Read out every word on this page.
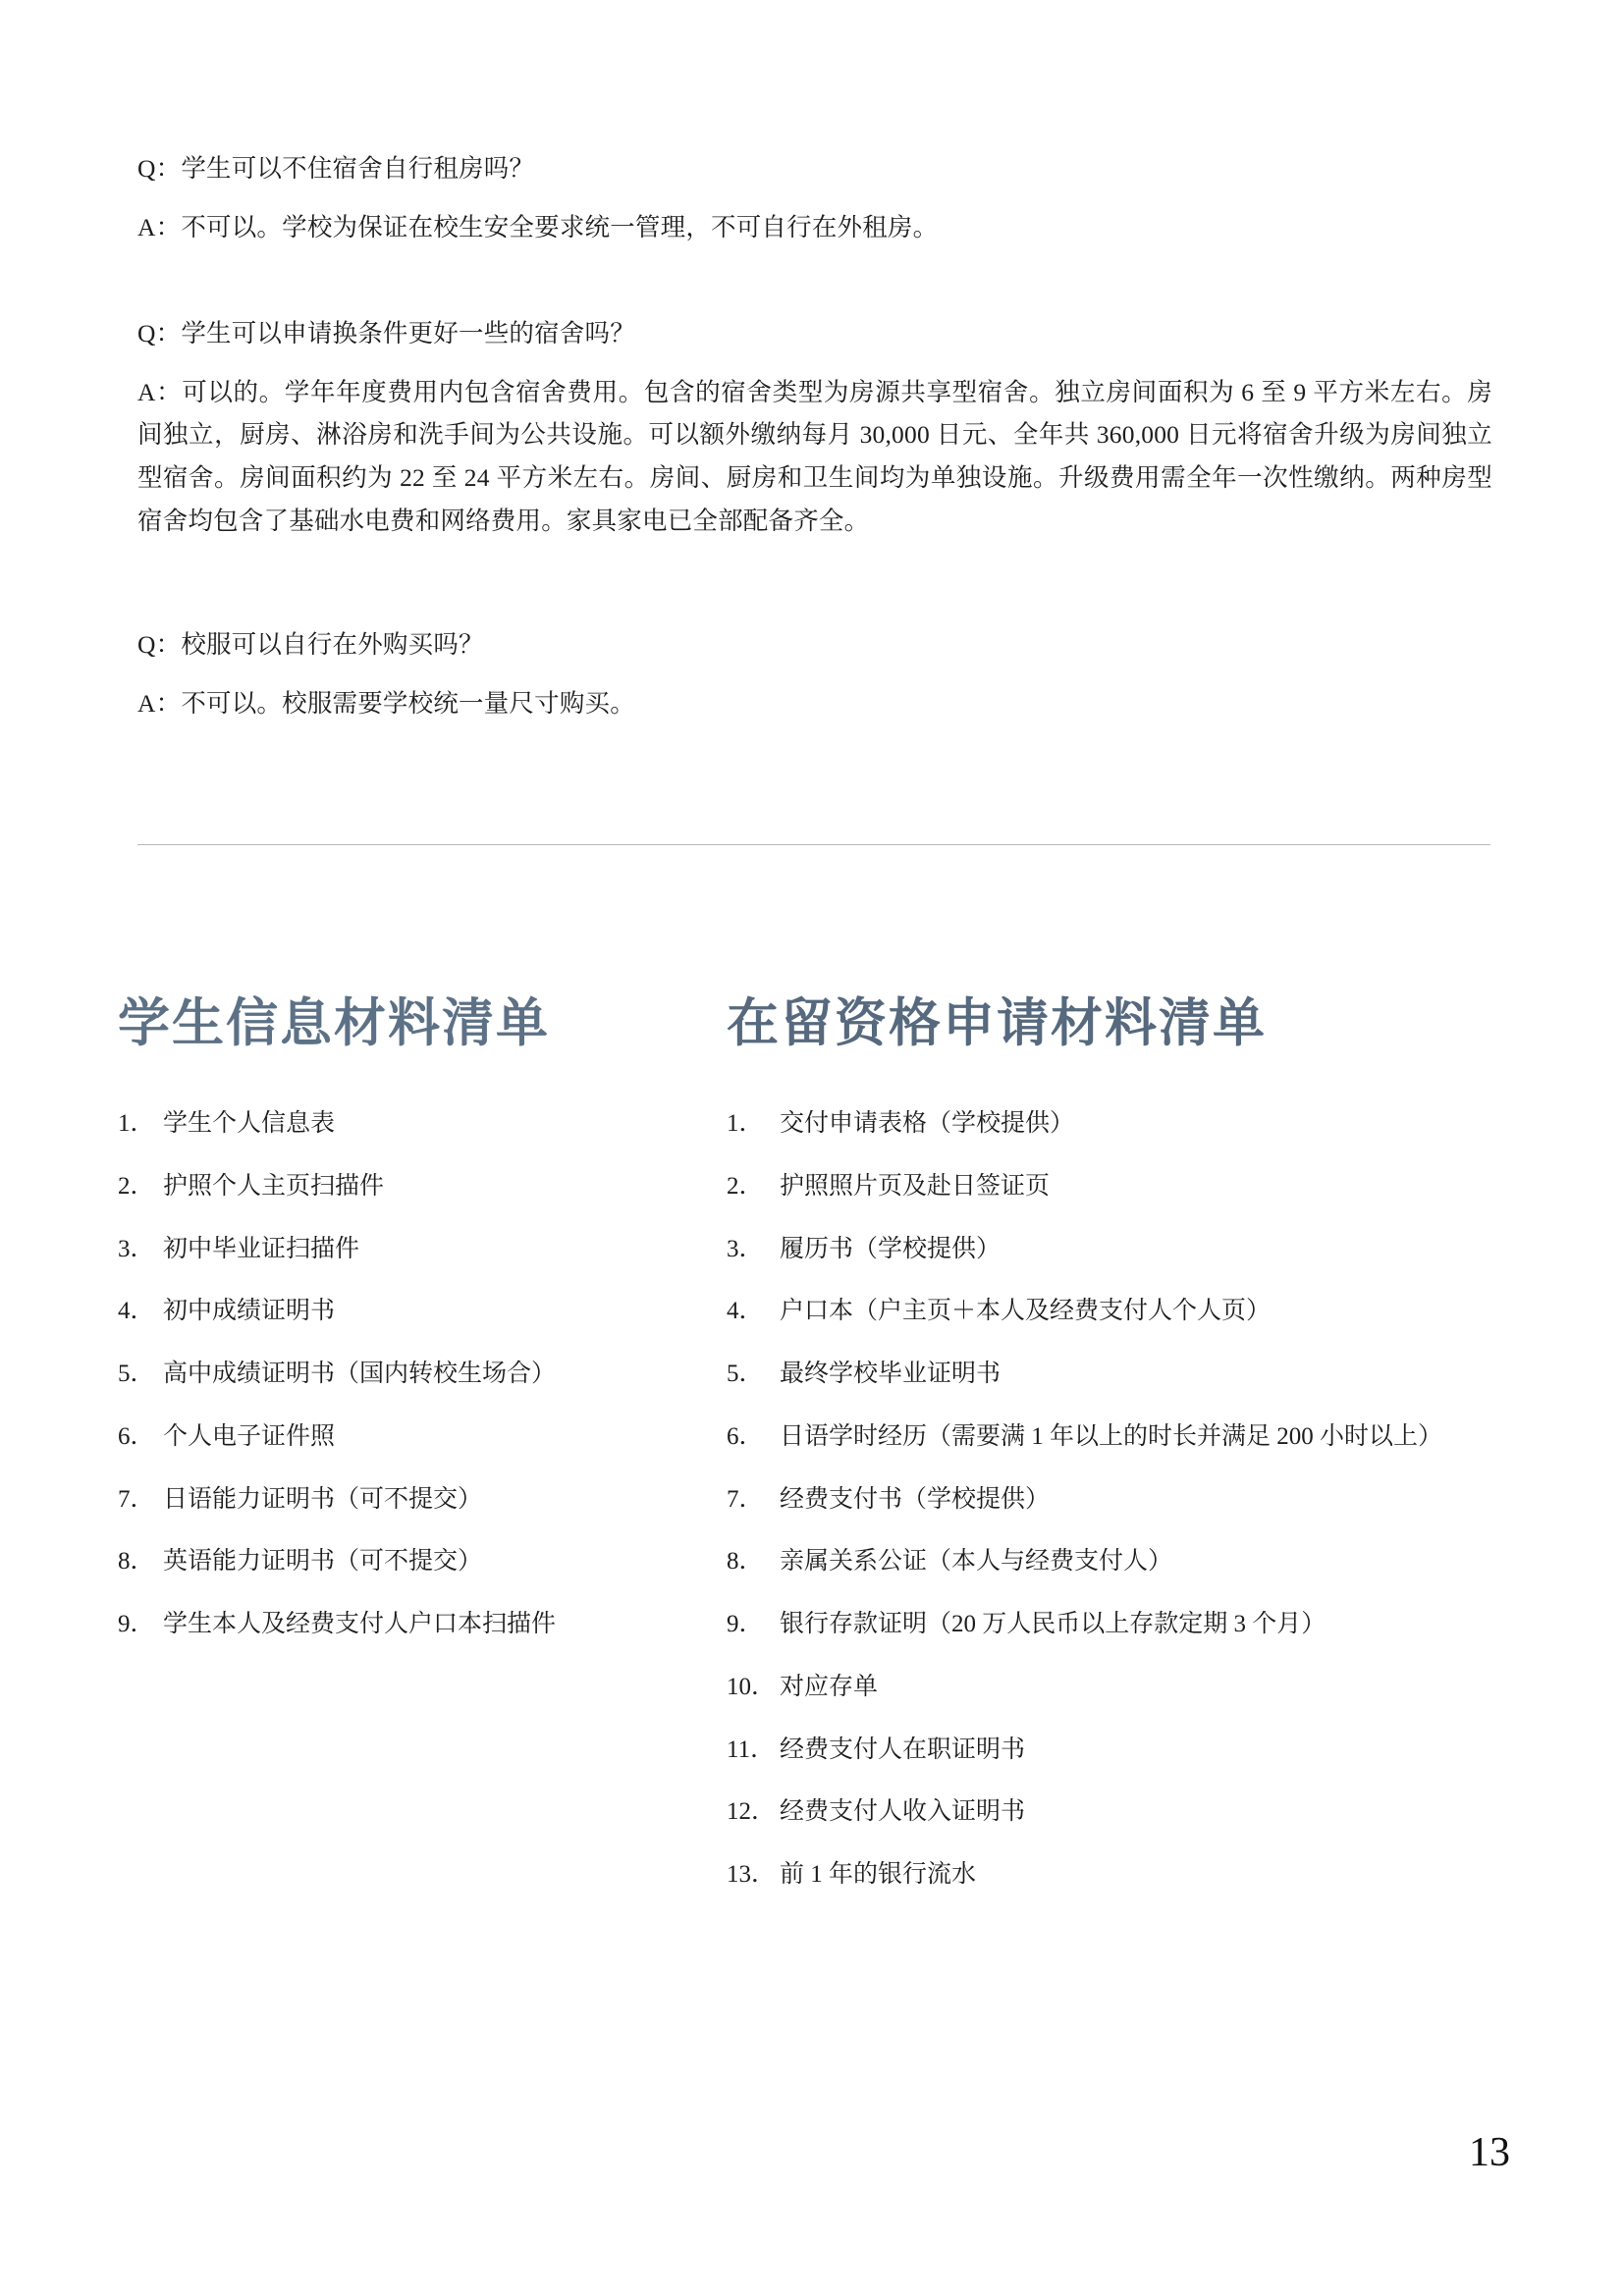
Q：学生可以不住宿舍自行租房吗？

A：不可以。学校为保证在校生安全要求统一管理，不可自行在外租房。

Q：学生可以申请换条件更好一些的宿舍吗？

A：可以的。学年年度费用内包含宿舍费用。包含的宿舍类型为房源共享型宿舍。独立房间面积为 6 至 9 平方米左右。房间独立，厨房、淋浴房和洗手间为公共设施。可以额外缴纳每月 30,000 日元、全年共 360,000 日元将宿舍升级为房间独立型宿舍。房间面积约为 22 至 24 平方米左右。房间、厨房和卫生间均为单独设施。升级费用需全年一次性缴纳。两种房型宿舍均包含了基础水电费和网络费用。家具家电已全部配备齐全。

Q：校服可以自行在外购买吗？

A：不可以。校服需要学校统一量尺寸购买。

学生信息材料清单
1． 学生个人信息表
2． 护照个人主页扫描件
3． 初中毕业证扫描件
4． 初中成绩证明书
5． 高中成绩证明书（国内转校生场合）
6． 个人电子证件照
7． 日语能力证明书（可不提交）
8． 英语能力证明书（可不提交）
9． 学生本人及经费支付人户口本扫描件
在留资格申请材料清单
1． 交付申请表格（学校提供）
2． 护照照片页及赴日签证页
3． 履历书（学校提供）
4． 户口本（户主页＋本人及经费支付人个人页）
5． 最终学校毕业证明书
6． 日语学时经历（需要满 1 年以上的时长并满足 200 小时以上）
7． 经费支付书（学校提供）
8． 亲属关系公证（本人与经费支付人）
9． 银行存款证明（20 万人民币以上存款定期 3 个月）
10． 对应存单
11． 经费支付人在职证明书
12． 经费支付人收入证明书
13． 前 1 年的银行流水
13
